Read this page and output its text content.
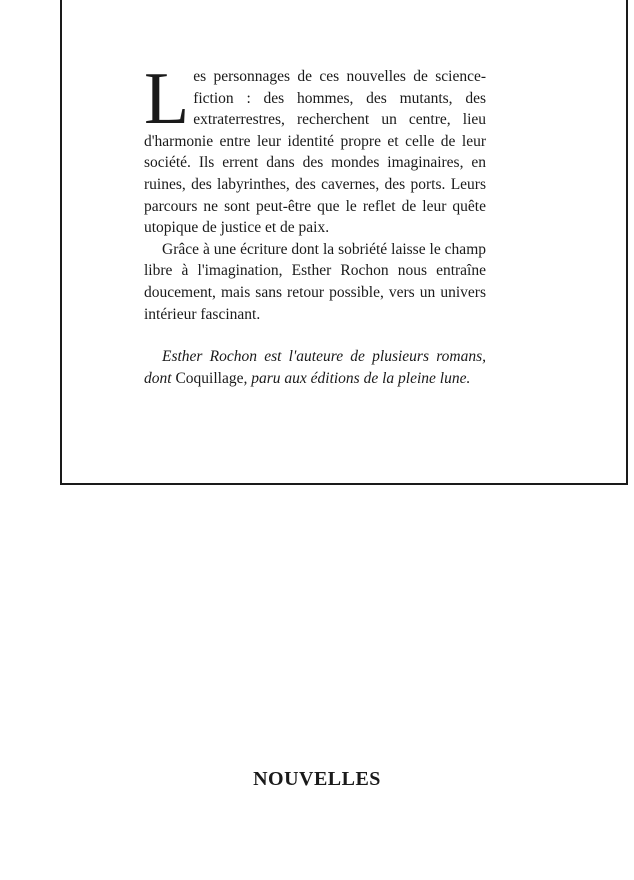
Les personnages de ces nouvelles de science-fiction : des hommes, des mutants, des extraterrestres, recherchent un centre, lieu d'harmonie entre leur identité propre et celle de leur société. Ils errent dans des mondes imaginaires, en ruines, des labyrinthes, des cavernes, des ports. Leurs parcours ne sont peut-être que le reflet de leur quête utopique de justice et de paix.

Grâce à une écriture dont la sobriété laisse le champ libre à l'imagination, Esther Rochon nous entraîne doucement, mais sans retour possible, vers un univers intérieur fascinant.

Esther Rochon est l'auteure de plusieurs romans, dont Coquillage, paru aux éditions de la pleine lune.

NOUVELLES
